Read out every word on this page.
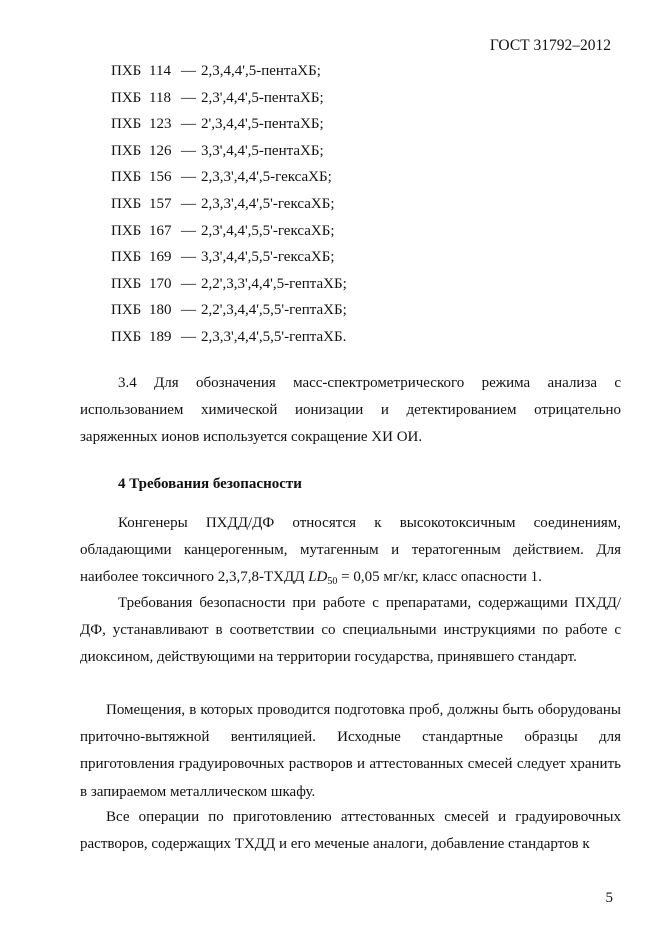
ГОСТ 31792–2012
ПХБ 114 — 2,3,4,4',5-пентаХБ;
ПХБ 118 — 2,3',4,4',5-пентаХБ;
ПХБ 123 — 2',3,4,4',5-пентаХБ;
ПХБ 126 — 3,3',4,4',5-пентаХБ;
ПХБ 156 — 2,3,3',4,4',5-гексаХБ;
ПХБ 157 — 2,3,3',4,4',5'-гексаХБ;
ПХБ 167 — 2,3',4,4',5,5'-гексаХБ;
ПХБ 169 — 3,3',4,4',5,5'-гексаХБ;
ПХБ 170 — 2,2',3,3',4,4',5-гептаХБ;
ПХБ 180 — 2,2',3,4,4',5,5'-гептаХБ;
ПХБ 189 — 2,3,3',4,4',5,5'-гептаХБ.

3.4 Для обозначения масс-спектрометрического режима анализа с использованием химической ионизации и детектированием отрицательно заряженных ионов используется сокращение ХИ ОИ.

4 Требования безопасности

Конгенеры ПХДД/ДФ относятся к высокотоксичным соединениям, обладающими канцерогенным, мутагенным и тератогенным действием. Для наиболее токсичного 2,3,7,8-ТХДД $LD_{50} = 0,05$ мг/кг, класс опасности 1.

Требования безопасности при работе с препаратами, содержащими ПХДД/ДФ, устанавливают в соответствии со специальными инструкциями по работе с диоксином, действующими на территории государства, принявшего стандарт.

Помещения, в которых проводится подготовка проб, должны быть оборудованы приточно-вытяжной вентиляцией. Исходные стандартные образцы для приготовления градуировочных растворов и аттестованных смесей следует хранить в запираемом металлическом шкафу.

Все операции по приготовлению аттестованных смесей и градуировочных растворов, содержащих ТХДД и его меченые аналоги, добавление стандартов к

5
